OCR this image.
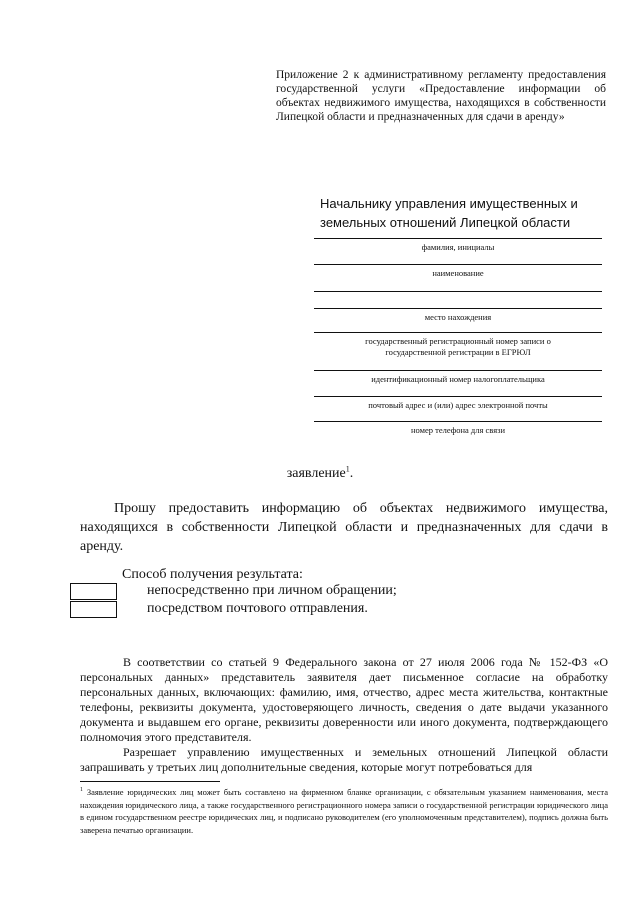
Приложение 2 к административному регламенту предоставления государственной услуги «Предоставление информации об объектах недвижимого имущества, находящихся в собственности Липецкой области и предназначенных для сдачи в аренду»
Начальнику управления имущественных и
земельных отношений Липецкой области
фамилия, инициалы
наименование
место нахождения
государственный регистрационный номер записи о
государственной регистрации в ЕГРЮЛ
идентификационный номер налогоплательщика
почтовый адрес и (или) адрес электронной почты
номер телефона для связи
заявление$^1$.
Прошу предоставить информацию об объектах недвижимого имущества, находящихся в собственности Липецкой области и предназначенных для сдачи в аренду.
Способ получения результата:
непосредственно при личном обращении;
посредством почтового отправления.

В соответствии со статьей 9 Федерального закона от 27 июля 2006 года № 152-ФЗ «О персональных данных» представитель заявителя дает письменное согласие на обработку персональных данных, включающих: фамилию, имя, отчество, адрес места жительства, контактные телефоны, реквизиты документа, удостоверяющего личность, сведения о дате выдачи указанного документа и выдавшем его органе, реквизиты доверенности или иного документа, подтверждающего полномочия этого представителя.

Разрешает управлению имущественных и земельных отношений Липецкой области запрашивать у третьих лиц дополнительные сведения, которые могут потребоваться для

$^1$ Заявление юридических лиц может быть составлено на фирменном бланке организации, с обязательным указанием наименования, места нахождения юридического лица, а также государственного регистрационного номера записи о государственной регистрации юридического лица в едином государственном реестре юридических лиц, и подписано руководителем (его уполномоченным представителем), подпись должна быть заверена печатью организации.
